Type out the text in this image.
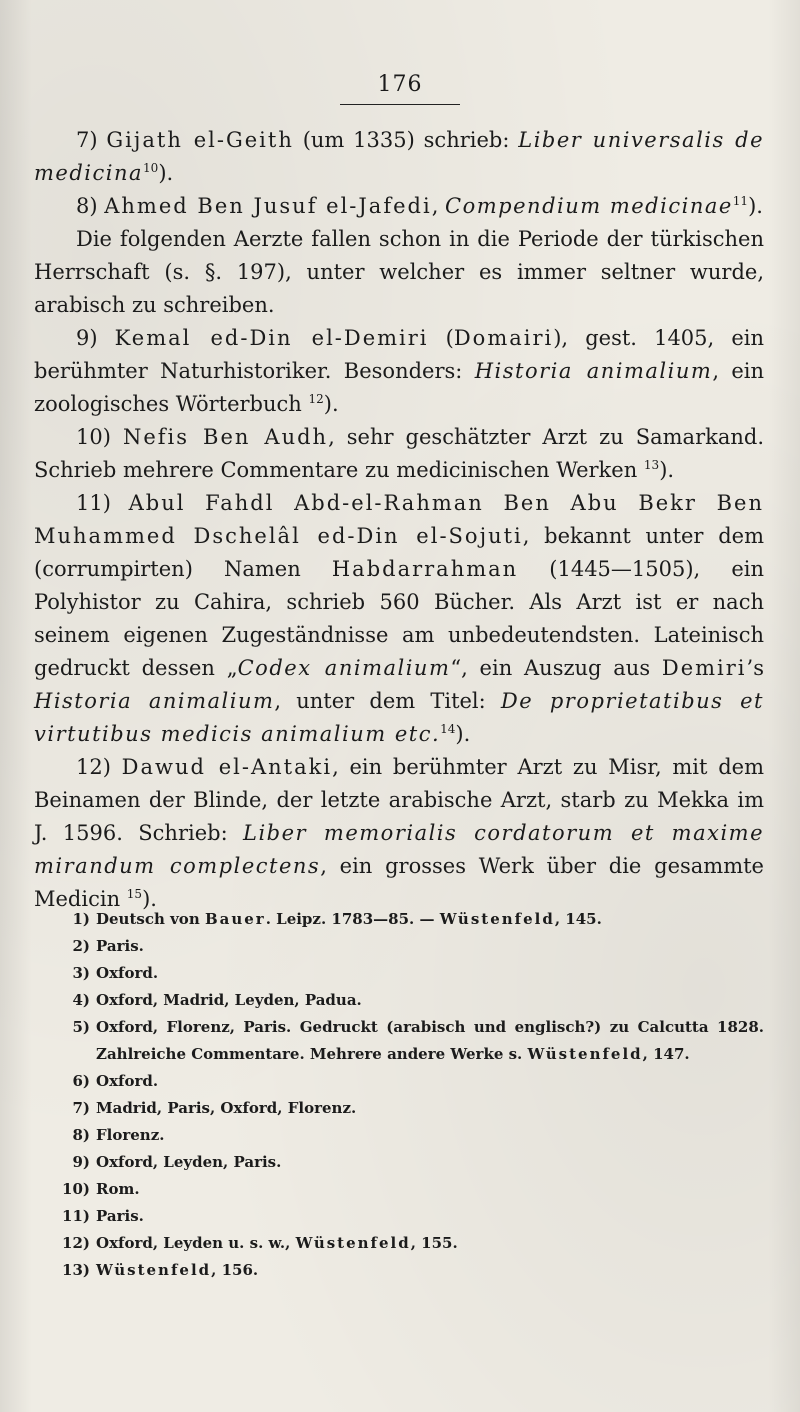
176

7) Gijath el-Geith (um 1335) schrieb: Liber universalis de medicina$^{10}$).

8) Ahmed Ben Jusuf el-Jafedi, Compendium medicinae$^{11}$).

Die folgenden Aerzte fallen schon in die Periode der türkischen Herrschaft (s. §. 197), unter welcher es immer seltner wurde, arabisch zu schreiben.

9) Kemal ed-Din el-Demiri (Domairi), gest. 1405, ein berühmter Naturhistoriker. Besonders: Historia animalium, ein zoologisches Wörterbuch $^{12}$).

10) Nefis Ben Audh, sehr geschätzter Arzt zu Samarkand. Schrieb mehrere Commentare zu medicinischen Werken $^{13}$).

11) Abul Fahdl Abd-el-Rahman Ben Abu Bekr Ben Muhammed Dschelâl ed-Din el-Sojuti, bekannt unter dem (corrumpirten) Namen Habdarrahman (1445—1505), ein Polyhistor zu Cahira, schrieb 560 Bücher. Als Arzt ist er nach seinem eigenen Zugeständnisse am unbedeutendsten. Lateinisch gedruckt dessen „Codex animalium“, ein Auszug aus Demiri’s Historia animalium, unter dem Titel: De proprietatibus et virtutibus medicis animalium etc.$^{14}$).

12) Dawud el-Antaki, ein berühmter Arzt zu Misr, mit dem Beinamen der Blinde, der letzte arabische Arzt, starb zu Mekka im J. 1596. Schrieb: Liber memorialis cordatorum et maxime mirandum complectens, ein grosses Werk über die gesammte Medicin $^{15}$).

1) Deutsch von Bauer. Leipz. 1783—85. — Wüstenfeld, 145.
2) Paris.
3) Oxford.
4) Oxford, Madrid, Leyden, Padua.
5) Oxford, Florenz, Paris. Gedruckt (arabisch und englisch?) zu Calcutta 1828. Zahlreiche Commentare. Mehrere andere Werke s. Wüstenfeld, 147.
6) Oxford.
7) Madrid, Paris, Oxford, Florenz.
8) Florenz.
9) Oxford, Leyden, Paris.
10) Rom.
11) Paris.
12) Oxford, Leyden u. s. w., Wüstenfeld, 155.
13) Wüstenfeld, 156.
